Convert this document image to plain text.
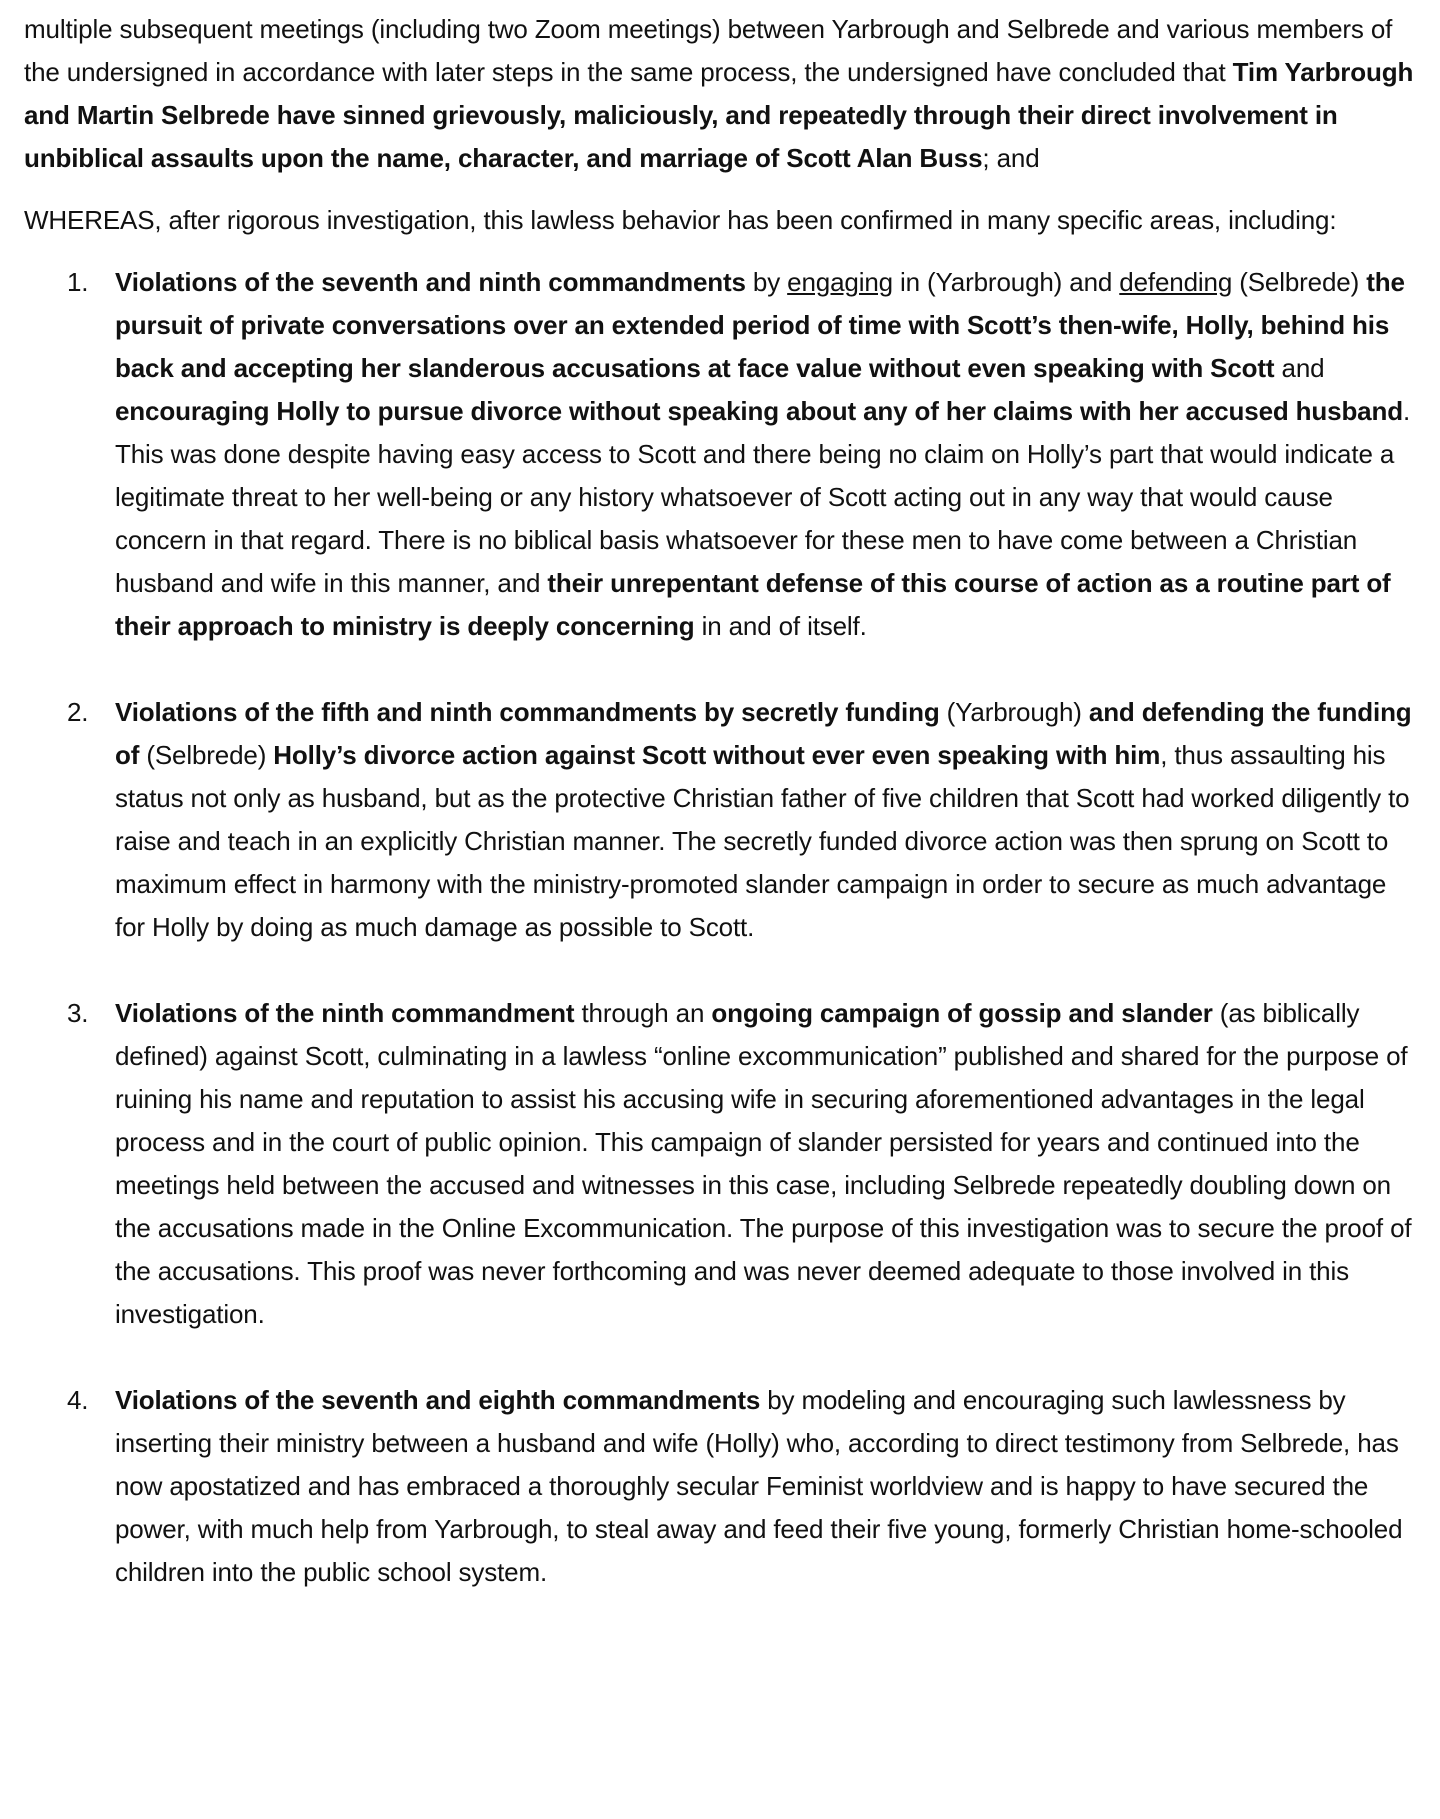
multiple subsequent meetings (including two Zoom meetings) between Yarbrough and Selbrede and various members of the undersigned in accordance with later steps in the same process, the undersigned have concluded that Tim Yarbrough and Martin Selbrede have sinned grievously, maliciously, and repeatedly through their direct involvement in unbiblical assaults upon the name, character, and marriage of Scott Alan Buss; and

WHEREAS, after rigorous investigation, this lawless behavior has been confirmed in many specific areas, including:

1. Violations of the seventh and ninth commandments by engaging in (Yarbrough) and defending (Selbrede) the pursuit of private conversations over an extended period of time with Scott’s then-wife, Holly, behind his back and accepting her slanderous accusations at face value without even speaking with Scott and encouraging Holly to pursue divorce without speaking about any of her claims with her accused husband. This was done despite having easy access to Scott and there being no claim on Holly’s part that would indicate a legitimate threat to her well-being or any history whatsoever of Scott acting out in any way that would cause concern in that regard. There is no biblical basis whatsoever for these men to have come between a Christian husband and wife in this manner, and their unrepentant defense of this course of action as a routine part of their approach to ministry is deeply concerning in and of itself.
2. Violations of the fifth and ninth commandments by secretly funding (Yarbrough) and defending the funding of (Selbrede) Holly’s divorce action against Scott without ever even speaking with him, thus assaulting his status not only as husband, but as the protective Christian father of five children that Scott had worked diligently to raise and teach in an explicitly Christian manner. The secretly funded divorce action was then sprung on Scott to maximum effect in harmony with the ministry-promoted slander campaign in order to secure as much advantage for Holly by doing as much damage as possible to Scott.
3. Violations of the ninth commandment through an ongoing campaign of gossip and slander (as biblically defined) against Scott, culminating in a lawless “online excommunication” published and shared for the purpose of ruining his name and reputation to assist his accusing wife in securing aforementioned advantages in the legal process and in the court of public opinion. This campaign of slander persisted for years and continued into the meetings held between the accused and witnesses in this case, including Selbrede repeatedly doubling down on the accusations made in the Online Excommunication. The purpose of this investigation was to secure the proof of the accusations. This proof was never forthcoming and was never deemed adequate to those involved in this investigation.
4. Violations of the seventh and eighth commandments by modeling and encouraging such lawlessness by inserting their ministry between a husband and wife (Holly) who, according to direct testimony from Selbrede, has now apostatized and has embraced a thoroughly secular Feminist worldview and is happy to have secured the power, with much help from Yarbrough, to steal away and feed their five young, formerly Christian home-schooled children into the public school system.
